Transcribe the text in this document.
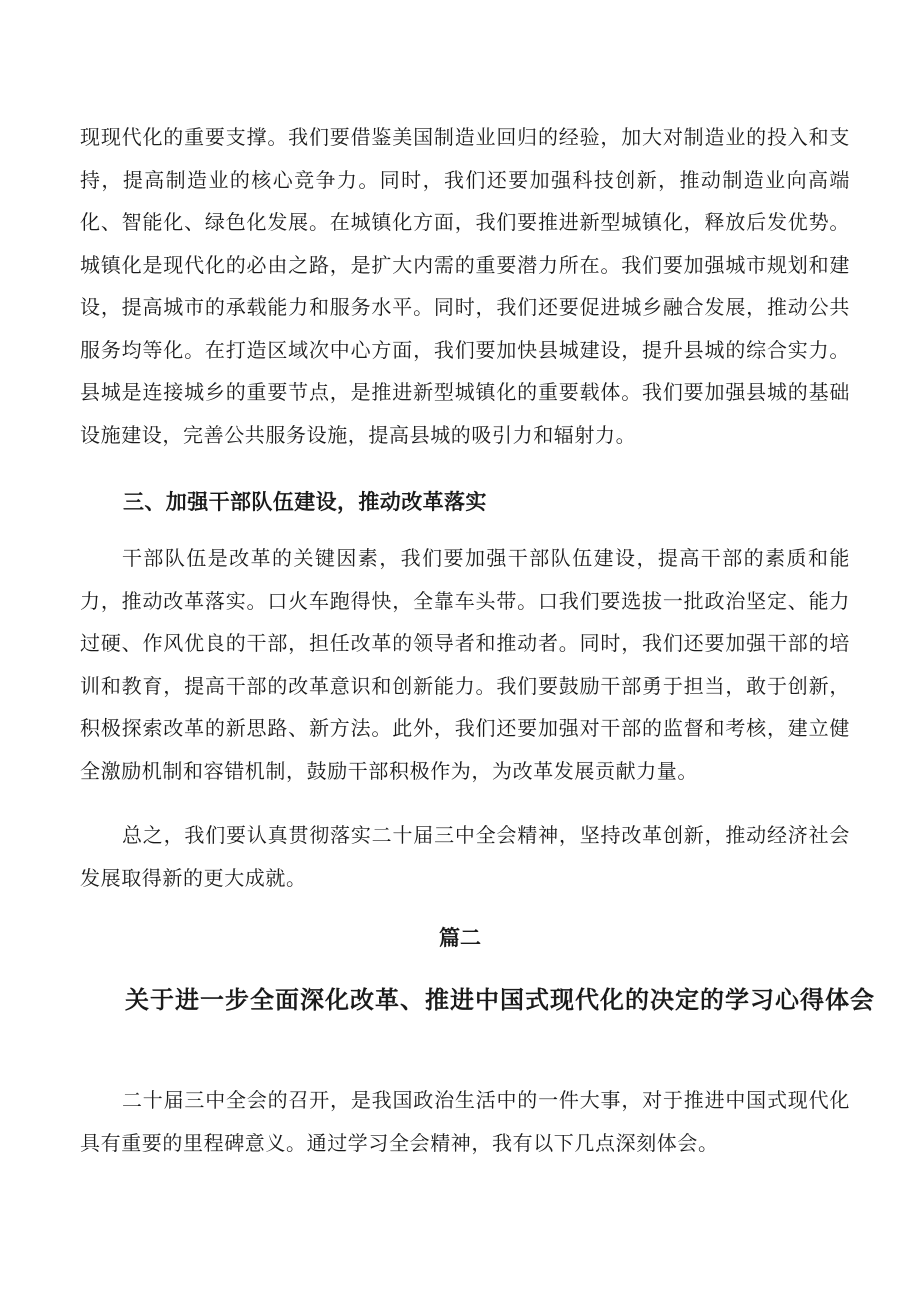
现现代化的重要支撑。我们要借鉴美国制造业回归的经验，加大对制造业的投入和支持，提高制造业的核心竞争力。同时，我们还要加强科技创新，推动制造业向高端化、智能化、绿色化发展。在城镇化方面，我们要推进新型城镇化，释放后发优势。城镇化是现代化的必由之路，是扩大内需的重要潜力所在。我们要加强城市规划和建设，提高城市的承载能力和服务水平。同时，我们还要促进城乡融合发展，推动公共服务均等化。在打造区域次中心方面，我们要加快县城建设，提升县城的综合实力。县城是连接城乡的重要节点，是推进新型城镇化的重要载体。我们要加强县城的基础设施建设，完善公共服务设施，提高县城的吸引力和辐射力。

三、加强干部队伍建设，推动改革落实

干部队伍是改革的关键因素，我们要加强干部队伍建设，提高干部的素质和能力，推动改革落实。口火车跑得快，全靠车头带。口我们要选拔一批政治坚定、能力过硬、作风优良的干部，担任改革的领导者和推动者。同时，我们还要加强干部的培训和教育，提高干部的改革意识和创新能力。我们要鼓励干部勇于担当，敢于创新，积极探索改革的新思路、新方法。此外，我们还要加强对干部的监督和考核，建立健全激励机制和容错机制，鼓励干部积极作为，为改革发展贡献力量。

总之，我们要认真贯彻落实二十届三中全会精神，坚持改革创新，推动经济社会发展取得新的更大成就。

篇二
关于进一步全面深化改革、推进中国式现代化的决定的学习心得体会

二十届三中全会的召开，是我国政治生活中的一件大事，对于推进中国式现代化具有重要的里程碑意义。通过学习全会精神，我有以下几点深刻体会。
